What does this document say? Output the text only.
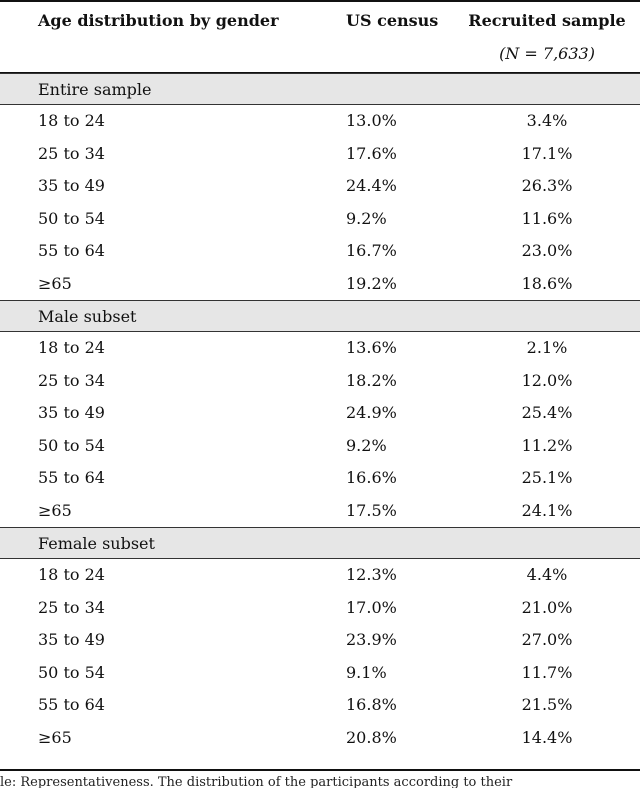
Age distribution by gender	US census	Recruited sample
(N = 7,633)
Entire sample
18 to 24	13.0%	3.4%
25 to 34	17.6%	17.1%
35 to 49	24.4%	26.3%
50 to 54	9.2%	11.6%
55 to 64	16.7%	23.0%
≥65	19.2%	18.6%
Male subset
18 to 24	13.6%	2.1%
25 to 34	18.2%	12.0%
35 to 49	24.9%	25.4%
50 to 54	9.2%	11.2%
55 to 64	16.6%	25.1%
≥65	17.5%	24.1%
Female subset
18 to 24	12.3%	4.4%
25 to 34	17.0%	21.0%
35 to 49	23.9%	27.0%
50 to 54	9.1%	11.7%
55 to 64	16.8%	21.5%
≥65	20.8%	14.4%
le: Representativeness. The distribution of the participants according to their
